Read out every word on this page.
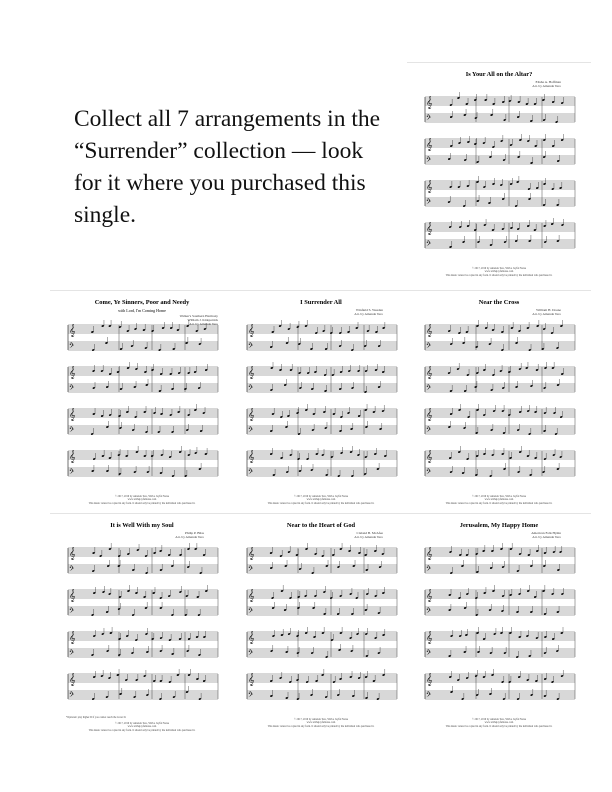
Collect all 7 arrangements in the “Surrender” collection — look for it where you purchased this single.

Is Your All on the Altar?
Elisha A. Hoffman
Arr. by Amanda Tero
𝄞
𝄢
𝄞
𝄢
𝄞
𝄢
𝄞
𝄢
© 2017, 2019 by Amanda Tero, With a Joyful Noise
www.withajoyfulnoise.com
This music cannot be copied in any form. It should only be printed by the individual who purchased it.
Come, Ye Sinners, Poor and Needy
with Lord, I'm Coming Home
Walker's Southern Harmony
William J. Kirkpatrick
Arr. by Amanda Tero
𝄞
𝄢
𝄞
𝄢
𝄞
𝄢
𝄞
𝄢
© 2017, 2019 by Amanda Tero, With a Joyful Noise
www.withajoyfulnoise.com
This music cannot be copied in any form. It should only be printed by the individual who purchased it.
I Surrender All
Winfield S. Weeden
Arr. by Amanda Tero
𝄞
𝄢
𝄞
𝄢
𝄞
𝄢
𝄞
𝄢
© 2017, 2019 by Amanda Tero, With a Joyful Noise
www.withajoyfulnoise.com
This music cannot be copied in any form. It should only be printed by the individual who purchased it.
Near the Cross
William H. Doane
Arr. by Amanda Tero
𝄞
𝄢
𝄞
𝄢
𝄞
𝄢
𝄞
𝄢
© 2017, 2019 by Amanda Tero, With a Joyful Noise
www.withajoyfulnoise.com
This music cannot be copied in any form. It should only be printed by the individual who purchased it.
It is Well With my Soul
Philip P. Bliss
Arr. by Amanda Tero
𝄞
𝄢
𝄞
𝄢
𝄞
𝄢
𝄞
𝄢
*Optional: play higher D if you cannot reach the lower D.
© 2017, 2019 by Amanda Tero, With a Joyful Noise
www.withajoyfulnoise.com
This music cannot be copied in any form. It should only be printed by the individual who purchased it.
Near to the Heart of God
Cleland B. McAfee
Arr. by Amanda Tero
𝄞
𝄢
𝄞
𝄢
𝄞
𝄢
𝄞
𝄢
© 2017, 2019 by Amanda Tero, With a Joyful Noise
www.withajoyfulnoise.com
This music cannot be copied in any form. It should only be printed by the individual who purchased it.
Jerusalem, My Happy Home
American Folk Hymn
Arr. by Amanda Tero
𝄞
𝄢
𝄞
𝄢
𝄞
𝄢
𝄞
𝄢
© 2017, 2019 by Amanda Tero, With a Joyful Noise
www.withajoyfulnoise.com
This music cannot be copied in any form. It should only be printed by the individual who purchased it.
